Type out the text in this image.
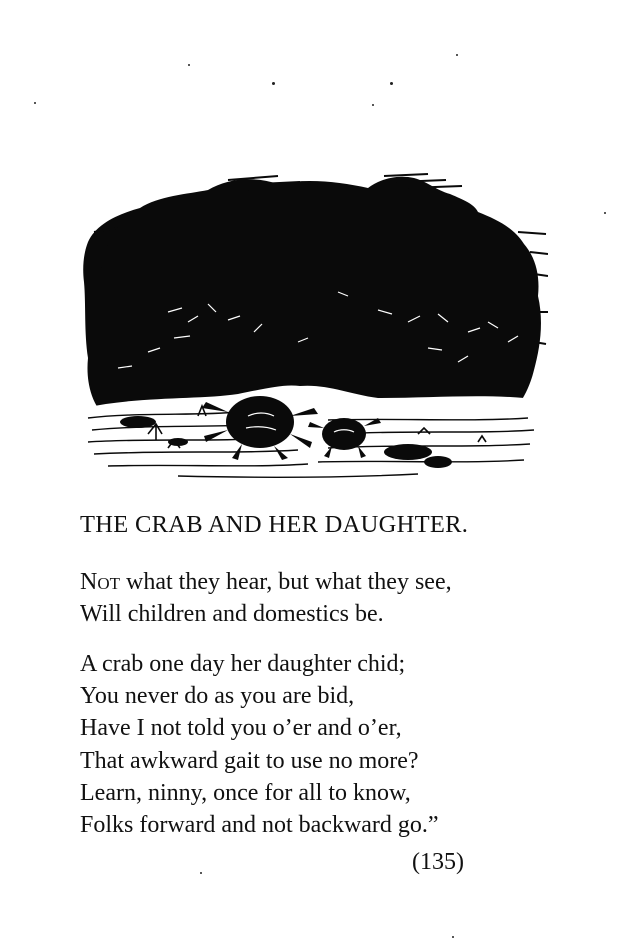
THE CRAB AND HER DAUGHTER.
Not what they hear, but what they see,
Will children and domestics be.
A crab one day her daughter chid;
You never do as you are bid,
Have I not told you o’er and o’er,
That awkward gait to use no more?
Learn, ninny, once for all to know,
Folks forward and not backward go.”
(135)
